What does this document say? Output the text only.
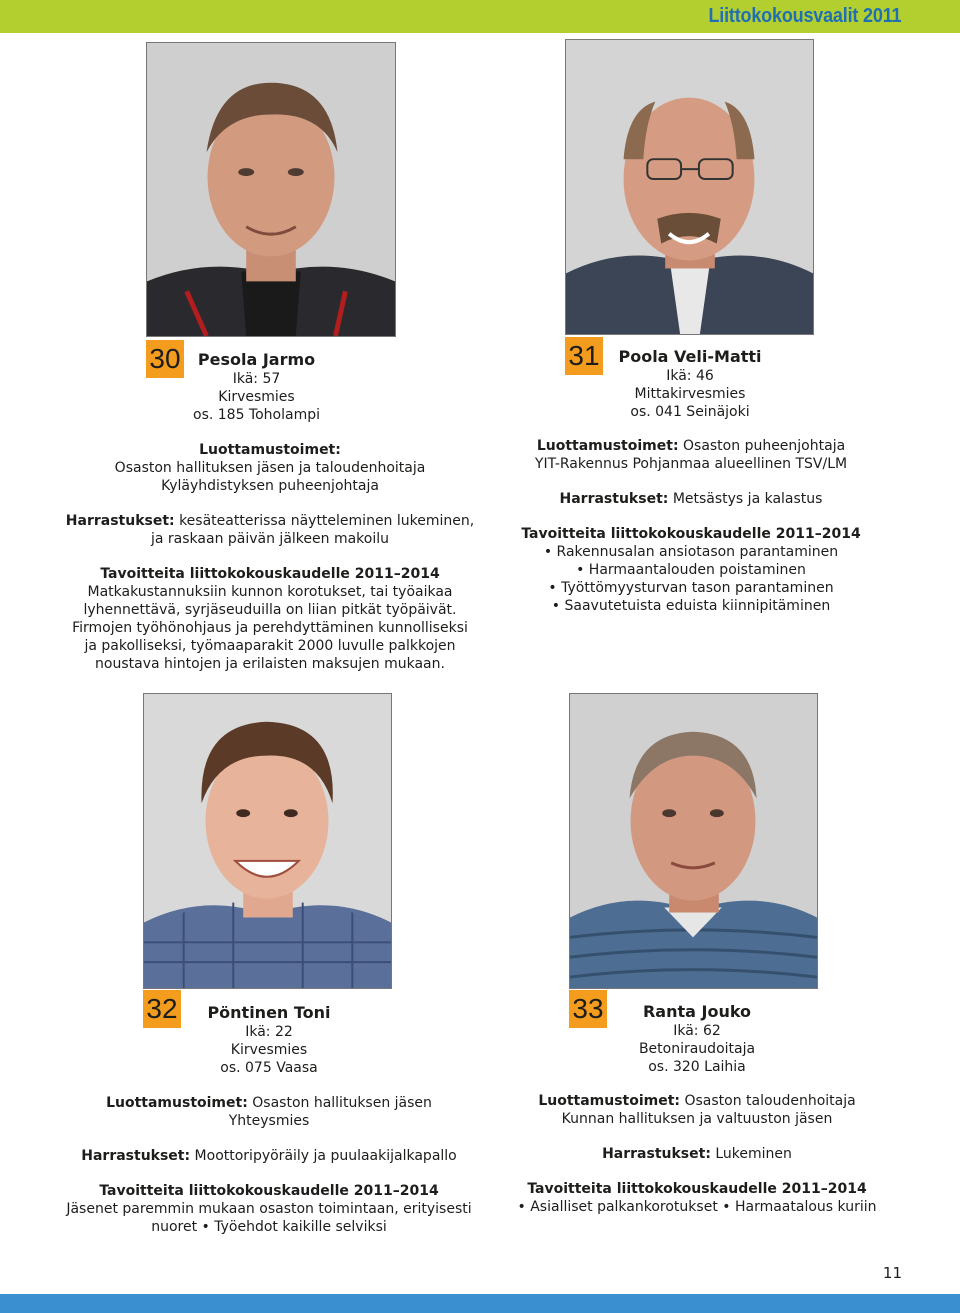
Liittokokousvaalit 2011
30	Pesola Jarmo
Ikä: 57
Kirvesmies
os. 185 Toholampi

Luottamustoimet:

Osaston hallituksen jäsen ja taloudenhoitaja

Kyläyhdistyksen puheenjohtaja

Harrastukset: kesäteatterissa näytteleminen lukeminen,

ja raskaan päivän jälkeen makoilu

Tavoitteita liittokokouskaudelle 2011–2014

Matkakustannuksiin kunnon korotukset, tai työaikaa

lyhennettävä, syrjäseuduilla on liian pitkät työpäivät.

Firmojen työhönohjaus ja perehdyttäminen kunnolliseksi

ja pakolliseksi, työmaaparakit 2000 luvulle palkkojen

noustava hintojen ja erilaisten maksujen mukaan.

31	Poola Veli-Matti
Ikä: 46
Mittakirvesmies
os. 041 Seinäjoki

Luottamustoimet: Osaston puheenjohtaja

YIT-Rakennus Pohjanmaa alueellinen TSV/LM

Harrastukset: Metsästys ja kalastus

Tavoitteita liittokokouskaudelle 2011–2014

• Rakennusalan ansiotason parantaminen

• Harmaantalouden poistaminen

• Työttömyysturvan tason parantaminen

• Saavutetuista eduista kiinnipitäminen

32	Pöntinen Toni
Ikä: 22
Kirvesmies
os. 075 Vaasa

Luottamustoimet: Osaston hallituksen jäsen

Yhteysmies

Harrastukset: Moottoripyöräily ja puulaakijalkapallo

Tavoitteita liittokokouskaudelle 2011–2014

Jäsenet paremmin mukaan osaston toimintaan, erityisesti

nuoret • Työehdot kaikille selviksi

33	Ranta Jouko
Ikä: 62
Betoniraudoitaja
os. 320 Laihia

Luottamustoimet: Osaston taloudenhoitaja

Kunnan hallituksen ja valtuuston jäsen

Harrastukset: Lukeminen

Tavoitteita liittokokouskaudelle 2011–2014

• Asialliset palkankorotukset • Harmaatalous kuriin

11
